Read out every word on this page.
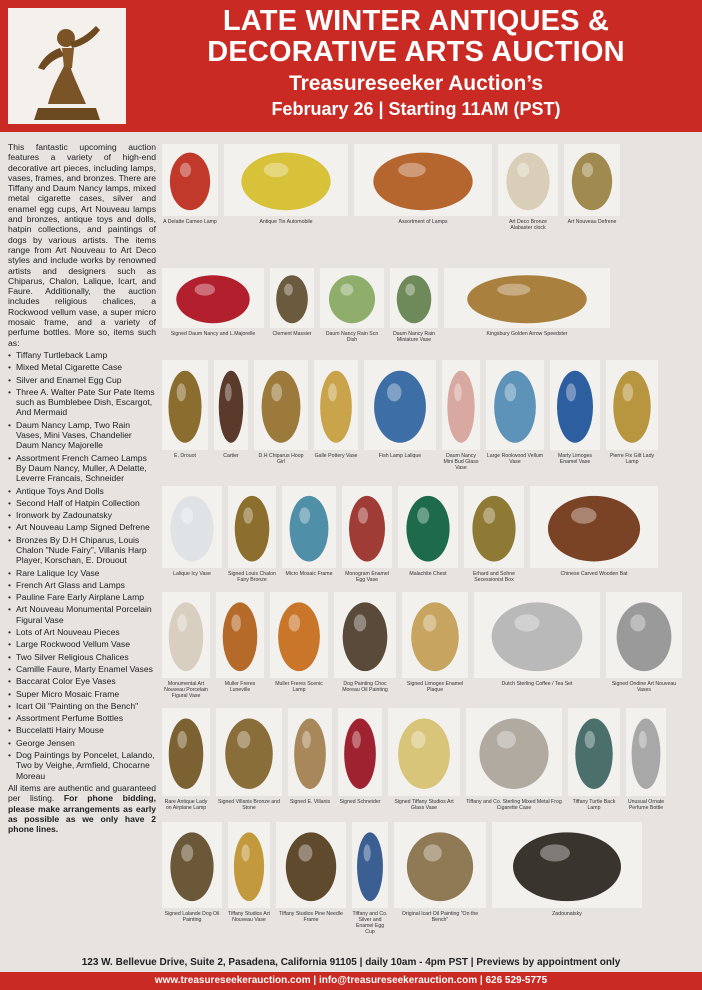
LATE WINTER ANTIQUES &
DECORATIVE ARTS AUCTION
Treasureseeker Auction’s
February 26 | Starting 11AM (PST)

This fantastic upcoming auction features a variety of high-end decorative art pieces, including lamps, vases, frames, and bronzes. There are Tiffany and Daum Nancy lamps, mixed metal cigarette cases, silver and enamel egg cups, Art Nouveau lamps and bronzes, antique toys and dolls, hatpin collections, and paintings of dogs by various artists. The items range from Art Nouveau to Art Deco styles and include works by renowned artists and designers such as Chiparus, Chalon, Lalique, Icart, and Faure. Additionally, the auction includes religious chalices, a Rockwood vellum vase, a super micro mosaic frame, and a variety of perfume bottles. More so, items such as:

• Tiffany Turtleback Lamp
• Mixed Metal Cigarette Case
• Silver and Enamel Egg Cup
• Three A. Walter Pate Sur Pate Items such as Bumblebee Dish, Escargot, And Mermaid
• Daum Nancy Lamp, Two Rain Vases, Mini Vases, Chandelier Daum Nancy Majorelle
• Assortment French Cameo Lamps By Daum Nancy, Muller, A Delatte, Leverre Francais, Schneider
• Antique Toys And Dolls
• Second Half of Hatpin Collection
• Ironwork by Zadounatsky
• Art Nouveau Lamp Signed Defrene
• Bronzes By D.H Chiparus, Louis Chalon "Nude Fairy", Villanis Harp Player, Korschan, E. Drouout
• Rare Lalique Icy Vase
• French Art Glass and Lamps
• Pauline Fare Early Airplane Lamp
• Art Nouveau Monumental Porcelain Figural Vase
• Lots of Art Nouveau Pieces
• Large Rockwood Vellum Vase
• Two Silver Religious Chalices
• Camille Faure, Marty Enamel Vases
• Baccarat Color Eye Vases
• Super Micro Mosaic Frame
• Icart Oil "Painting on the Bench"
• Assortment Perfume Bottles
• Buccelatti Hairy Mouse
• George Jensen
• Dog Paintings by Poncelet, Lalando, Two by Veighe, Armfield, Chocarne Moreau

All items are authentic and guaranteed per listing. For phone bidding, please make arrangements as early as possible as we only have 2 phone lines.

A Delatte Cameo Lamp	Antique Tin Automobile	Assortment of Lamps	Art Deco Bronze Alabaster clock
Art Nouveau Defrene
Signed Daum Nancy and L.Majorelle	Clement Massier	Daum Nancy Rain Scn Dish
Daum Nancy Rain Miniature Vase
Kingsbury Golden Arrow Speedster
E. Drouot	Cartier	D.H Chiparus Hoop Girl
Galle Pottery Vase	Fish Lamp Lalique	Daum Nancy Mini Bud Glass Vase
Large Rookwood Vellum Vase
Marty Limoges Enamel Vase
Pierre Fix Gilt Lady Lamp
Lalique Icy Vase	Signed Louis Chalon Fairy Bronze
Micro Mosaic Frame	Monogram Enamel Egg Vase
Malachite Chest	Erhard and Sohne Secessionist Box
Chinese Carved Wooden Bat
Monumental Art Nouveau Porcelain Figural Vase
Muller Freres Luneville
Muller Freres Scenic Lamp
Dog Painting Choc Moreau Oil Painting
Signed Limoges Enamel Plaque
Dutch Sterling Coffee / Tea Set	Signed Ondine Art Nouveau Vases
Rare Antique Lady on Airplane Lamp
Signed Villanis Bronze and Stone
Signed E. Villanis	Signed Schneider	Signed Tiffany Studios Art Glass Vase
Tiffany and Co. Sterling Mixed Metal Frog Cigarette Case
Tiffany Turtle Back Lamp
Unusual Ornate Perfume Bottle
Signed Lalande Dog Oil Painting
Tiffany Studios Art Nouveau Vase
Tiffany Studios Pine Needle Frame
Tiffany and Co. Silver and Enamel Egg Cup
Original Icart Oil Painting "On the Bench"
Zadounatsky
123 W. Bellevue Drive, Suite 2, Pasadena, California 91105 | daily 10am - 4pm PST | Previews by appointment only
www.treasureseekerauction.com | info@treasureseekerauction.com | 626 529-5775
